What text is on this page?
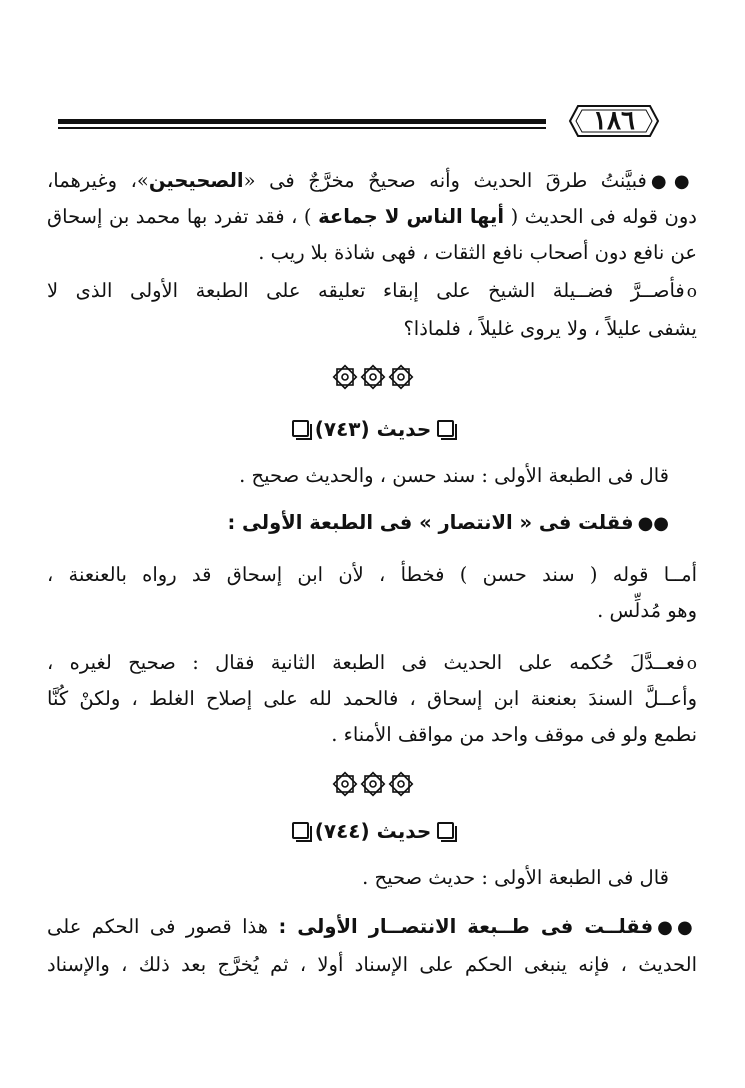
١٨٦
●●فبيَّنتُ طرقَ الحديث وأنه صحيحٌ مخرَّجٌ فى «الصحيحين»، وغيرهما،
دون قوله فى الحديث ( أيها الناس لا جماعة ) ، فقد تفرد بها محمد بن إسحاق
عن نافع دون أصحاب نافع الثقات ، فهى شاذة بلا ريب .
oفأصــرَّ فضــيلة الشيخ على إبقاء تعليقه على الطبعة الأولى الذى لا
يشفى عليلاً ، ولا يروى غليلاً ، فلماذا؟
حديث (٧٤٣)
قال فى الطبعة الأولى : سند حسن ، والحديث صحيح .
●●فقلت فى « الانتصار » فى الطبعة الأولى :
أمــا قوله ( سند حسن ) فخطأ ، لأن ابن إسحاق قد رواه بالعنعنة ،
وهو مُدلِّس .
oفعــدَّلَ حُكمه على الحديث فى الطبعة الثانية فقال : صحيح لغيره ،
وأعــلَّ السندَ بعنعنة ابن إسحاق ، فالحمد لله على إصلاح الغلط ، ولكنْ كُنَّا
نطمع ولو فى موقف واحد من مواقف الأمناء .
حديث (٧٤٤)
قال فى الطبعة الأولى : حديث صحيح .
●●فقلــت فى طــبعة الانتصــار الأولى : هذا قصور فى الحكم على
الحديث ، فإنه ينبغى الحكم على الإسناد أولا ، ثم يُخرَّج بعد ذلك ، والإسناد
